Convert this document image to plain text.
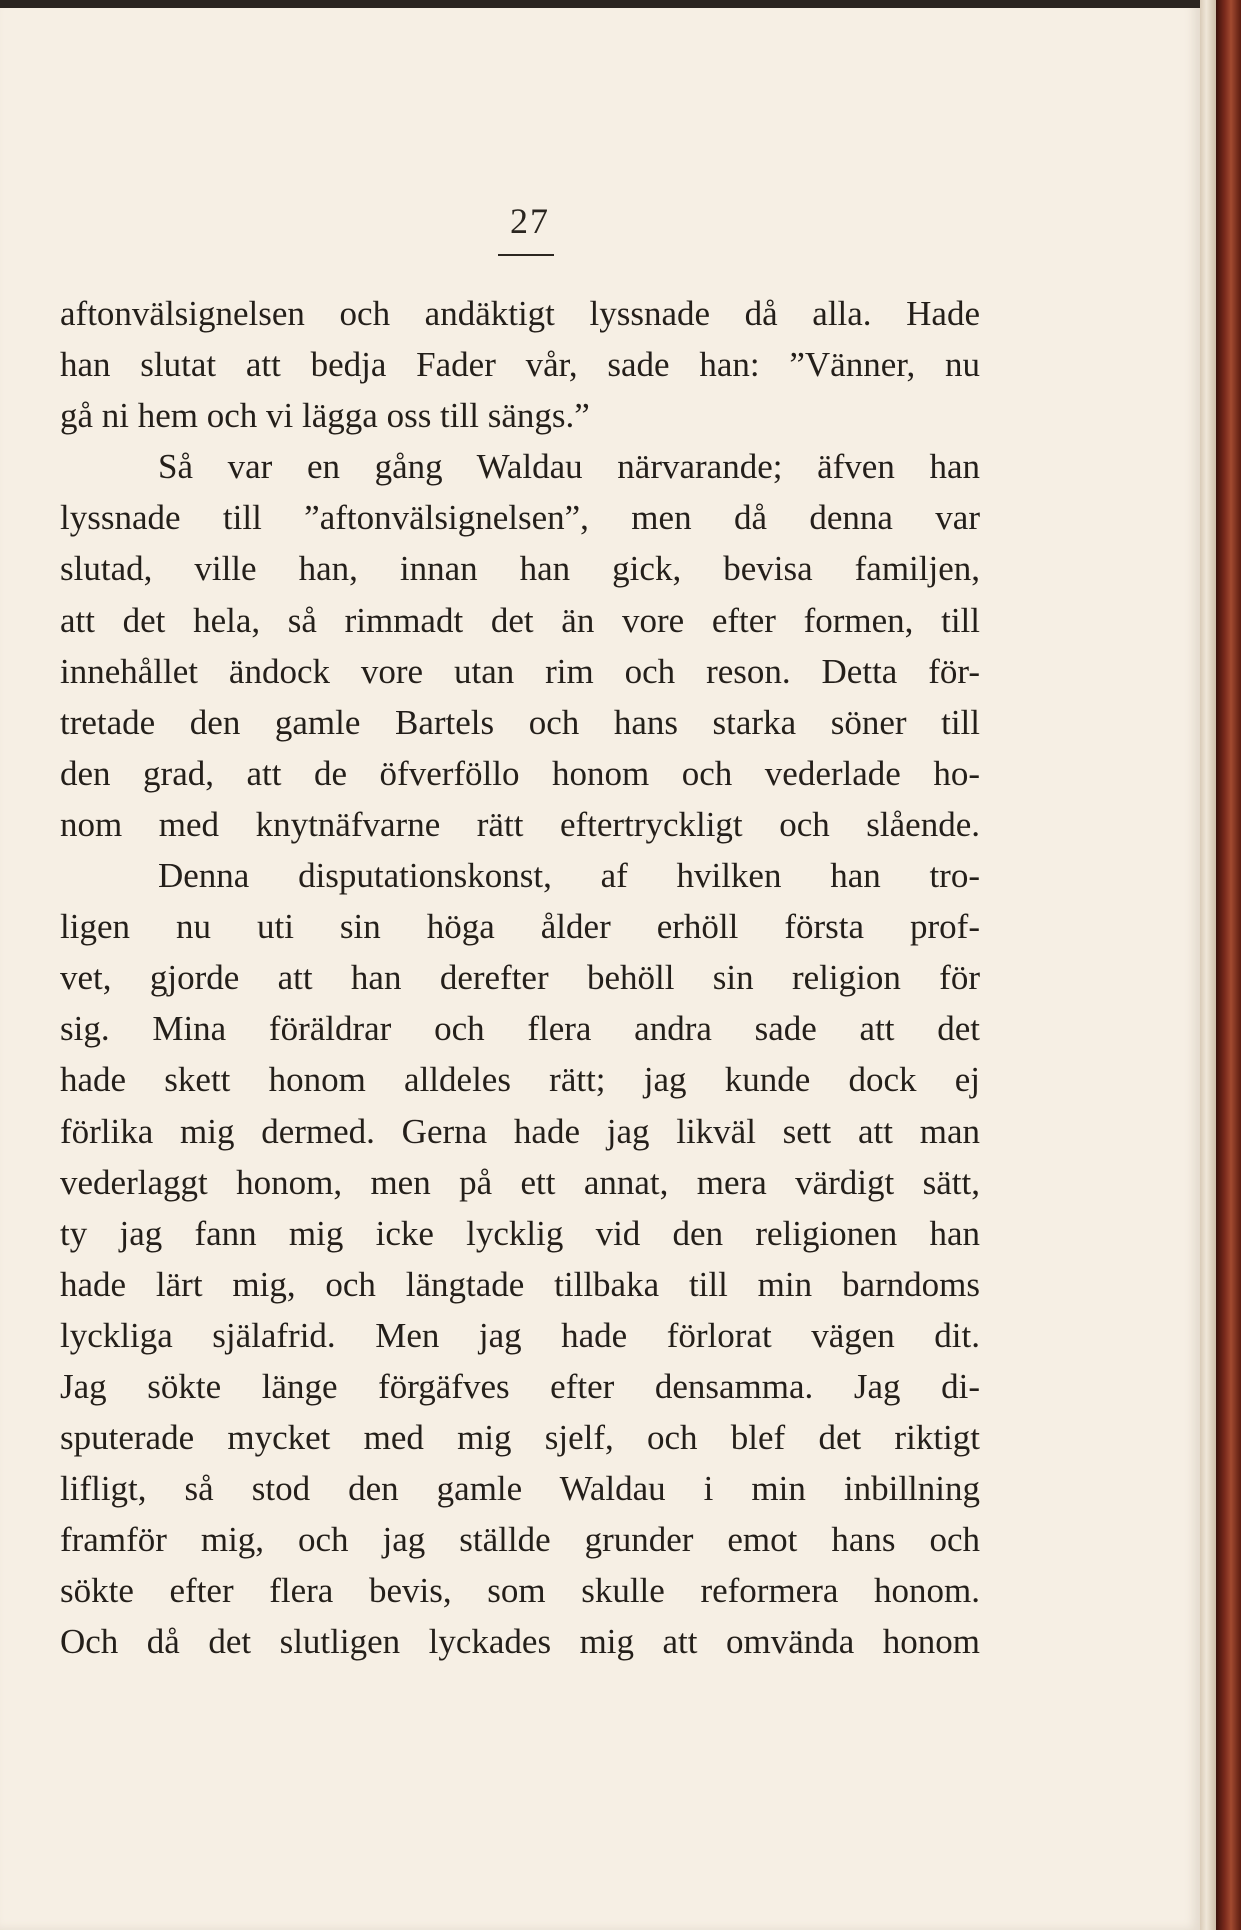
27
aftonvälsignelsen och andäktigt lyssnade då alla. Hade
han slutat att bedja Fader vår, sade han: ”Vänner, nu
gå ni hem och vi lägga oss till sängs.”
Så var en gång Waldau närvarande; äfven han
lyssnade till ”aftonvälsignelsen”, men då denna var
slutad, ville han, innan han gick, bevisa familjen,
att det hela, så rimmadt det än vore efter formen, till
innehållet ändock vore utan rim och reson. Detta för-
tretade den gamle Bartels och hans starka söner till
den grad, att de öfverföllo honom och vederlade ho-
nom med knytnäfvarne rätt eftertryckligt och slående.
Denna disputationskonst, af hvilken han tro-
ligen nu uti sin höga ålder erhöll första prof-
vet, gjorde att han derefter behöll sin religion för
sig. Mina föräldrar och flera andra sade att det
hade skett honom alldeles rätt; jag kunde dock ej
förlika mig dermed. Gerna hade jag likväl sett att man
vederlaggt honom, men på ett annat, mera värdigt sätt,
ty jag fann mig icke lycklig vid den religionen han
hade lärt mig, och längtade tillbaka till min barndoms
lyckliga själafrid. Men jag hade förlorat vägen dit.
Jag sökte länge förgäfves efter densamma. Jag di-
sputerade mycket med mig sjelf, och blef det riktigt
lifligt, så stod den gamle Waldau i min inbillning
framför mig, och jag ställde grunder emot hans och
sökte efter flera bevis, som skulle reformera honom.
Och då det slutligen lyckades mig att omvända honom
